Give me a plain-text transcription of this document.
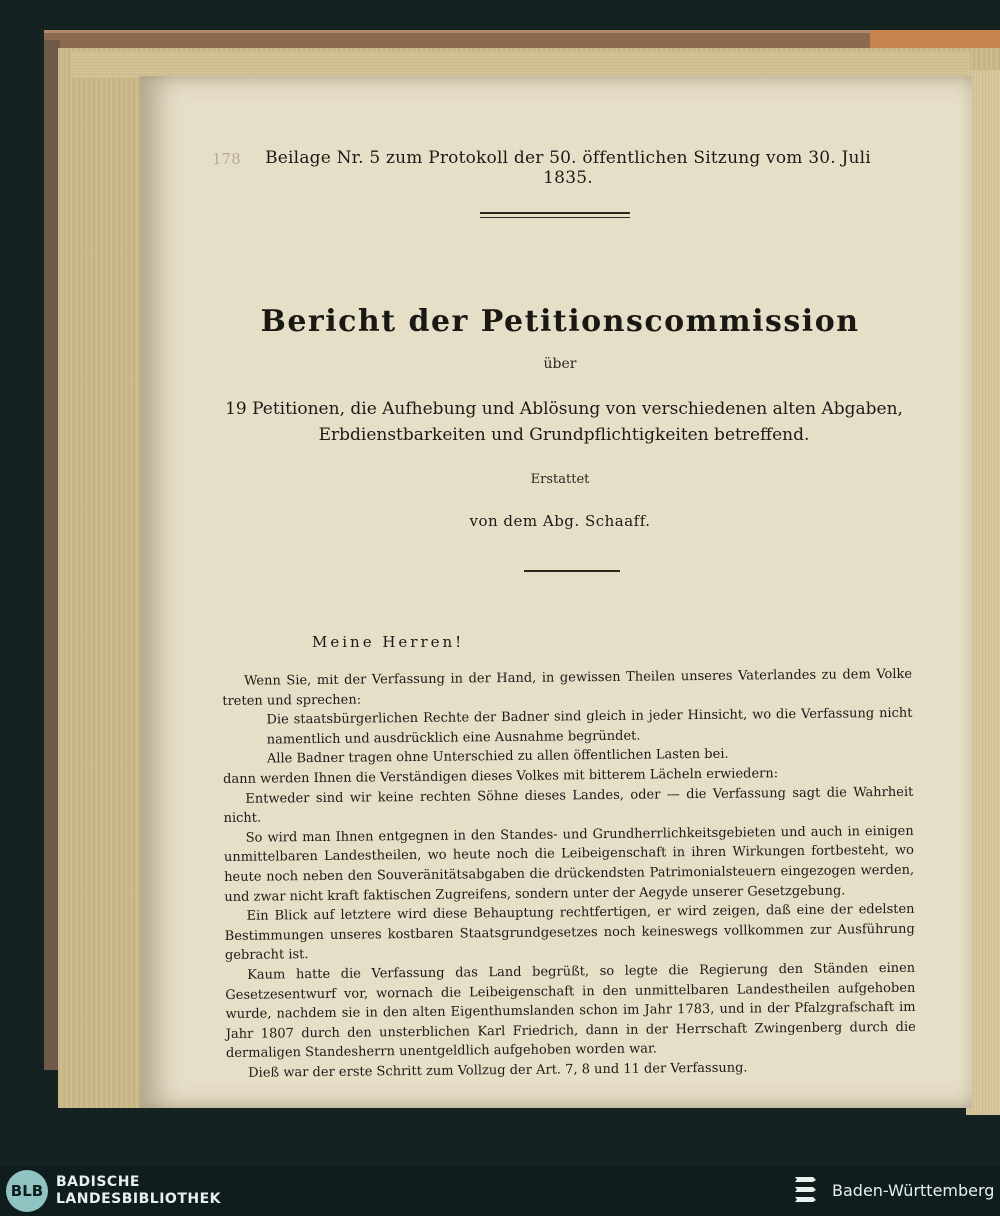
178	Beilage Nr. 5 zum Protokoll der 50. öffentlichen Sitzung vom 30. Juli 1835.
Bericht der Petitionscommission
über
19 Petitionen, die Aufhebung und Ablösung von verschiedenen alten Abgaben, Erbdienstbarkeiten und Grundpflichtigkeiten betreffend.
Erstattet
von dem Abg. Schaaff.
Meine Herren!

Wenn Sie, mit der Verfassung in der Hand, in gewissen Theilen unseres Vaterlandes zu dem Volke treten und sprechen:

Die staatsbürgerlichen Rechte der Badner sind gleich in jeder Hinsicht, wo die Verfassung nicht namentlich und ausdrücklich eine Ausnahme begründet.

Alle Badner tragen ohne Unterschied zu allen öffentlichen Lasten bei.

dann werden Ihnen die Verständigen dieses Volkes mit bitterem Lächeln erwiedern:

Entweder sind wir keine rechten Söhne dieses Landes, oder — die Verfassung sagt die Wahrheit nicht.

So wird man Ihnen entgegnen in den Standes- und Grundherrlichkeitsgebieten und auch in einigen unmittelbaren Landestheilen, wo heute noch die Leibeigenschaft in ihren Wirkungen fortbesteht, wo heute noch neben den Souveränitätsabgaben die drückendsten Patrimonialsteuern eingezogen werden, und zwar nicht kraft faktischen Zugreifens, sondern unter der Aegyde unserer Gesetzgebung.

Ein Blick auf letztere wird diese Behauptung rechtfertigen, er wird zeigen, daß eine der edelsten Bestimmungen unseres kostbaren Staatsgrundgesetzes noch keineswegs vollkommen zur Ausführung gebracht ist.

Kaum hatte die Verfassung das Land begrüßt, so legte die Regierung den Ständen einen Gesetzesentwurf vor, wornach die Leibeigenschaft in den unmittelbaren Landestheilen aufgehoben wurde, nachdem sie in den alten Eigenthumslanden schon im Jahr 1783, und in der Pfalzgrafschaft im Jahr 1807 durch den unsterblichen Karl Friedrich, dann in der Herrschaft Zwingenberg durch die dermaligen Standesherrn unentgeldlich aufgehoben worden war.

Dieß war der erste Schritt zum Vollzug der Art. 7, 8 und 11 der Verfassung.

BLB BADISCHE
LANDESBIBLIOTHEK	Baden-Württemberg
